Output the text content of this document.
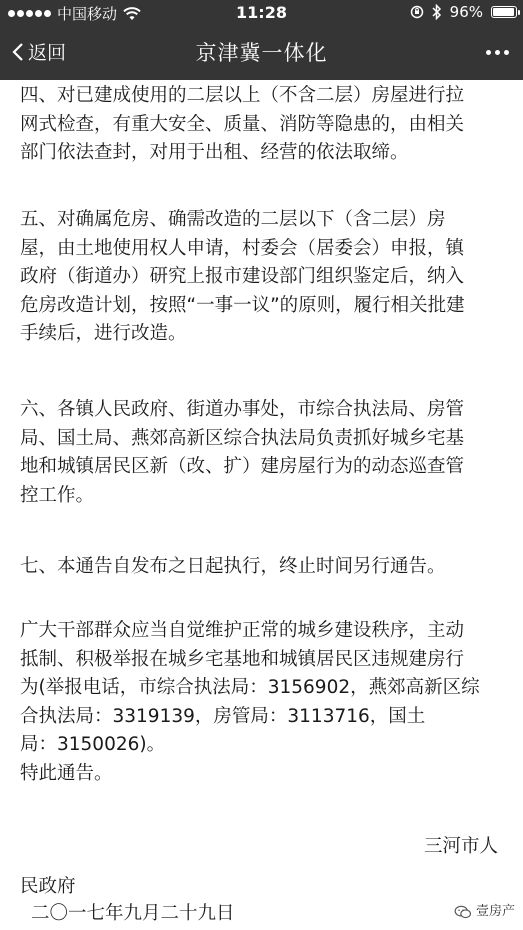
中国移动	11:28	96%
返回	京津冀一体化
四、对已建成使用的二层以上（不含二层）房屋进行拉
网式检查，有重大安全、质量、消防等隐患的，由相关
部门依法查封，对用于出租、经营的依法取缔。
五、对确属危房、确需改造的二层以下（含二层）房
屋，由土地使用权人申请，村委会（居委会）申报，镇
政府（街道办）研究上报市建设部门组织鉴定后，纳入
危房改造计划，按照“一事一议”的原则，履行相关批建
手续后，进行改造。
六、各镇人民政府、街道办事处，市综合执法局、房管
局、国土局、燕郊高新区综合执法局负责抓好城乡宅基
地和城镇居民区新（改、扩）建房屋行为的动态巡查管
控工作。
七、本通告自发布之日起执行，终止时间另行通告。
广大干部群众应当自觉维护正常的城乡建设秩序，主动
抵制、积极举报在城乡宅基地和城镇居民区违规建房行
为(举报电话，市综合执法局：3156902，燕郊高新区综
合执法局：3319139，房管局：3113716，国土
局：3150026)。
特此通告。
三河市人
民政府
二〇一七年九月二十九日	壹房产
